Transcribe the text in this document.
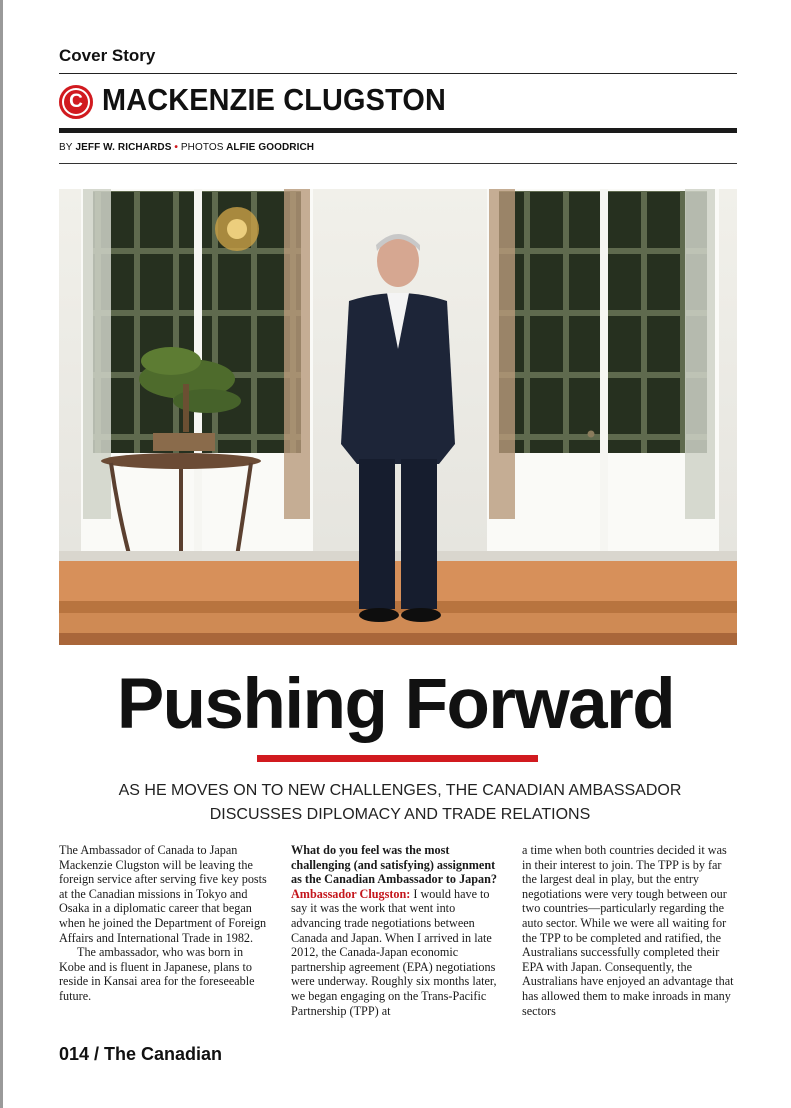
Cover Story
C MACKENZIE CLUGSTON
BY JEFF W. RICHARDS • PHOTOS ALFIE GOODRICH
Pushing Forward
AS HE MOVES ON TO NEW CHALLENGES, THE CANADIAN AMBASSADOR DISCUSSES DIPLOMACY AND TRADE RELATIONS

The Ambassador of Canada to Japan Mackenzie Clugston will be leaving the foreign service after serving five key posts at the Canadian missions in Tokyo and Osaka in a diplomatic career that began when he joined the Department of Foreign Affairs and International Trade in 1982.

The ambassador, who was born in Kobe and is fluent in Japanese, plans to reside in Kansai area for the foreseeable future.

What do you feel was the most challenging (and satisfying) assignment as the Canadian Ambassador to Japan?

Ambassador Clugston: I would have to say it was the work that went into advancing trade negotiations between Canada and Japan. When I arrived in late 2012, the Canada-Japan economic partnership agreement (EPA) negotiations were underway. Roughly six months later, we began engaging on the Trans-Pacific Partnership (TPP) at

a time when both countries decided it was in their interest to join. The TPP is by far the largest deal in play, but the entry negotiations were very tough between our two countries—particularly regarding the auto sector. While we were all waiting for the TPP to be completed and ratified, the Australians successfully completed their EPA with Japan. Consequently, the Australians have enjoyed an advantage that has allowed them to make inroads in many sectors

014 / The Canadian
